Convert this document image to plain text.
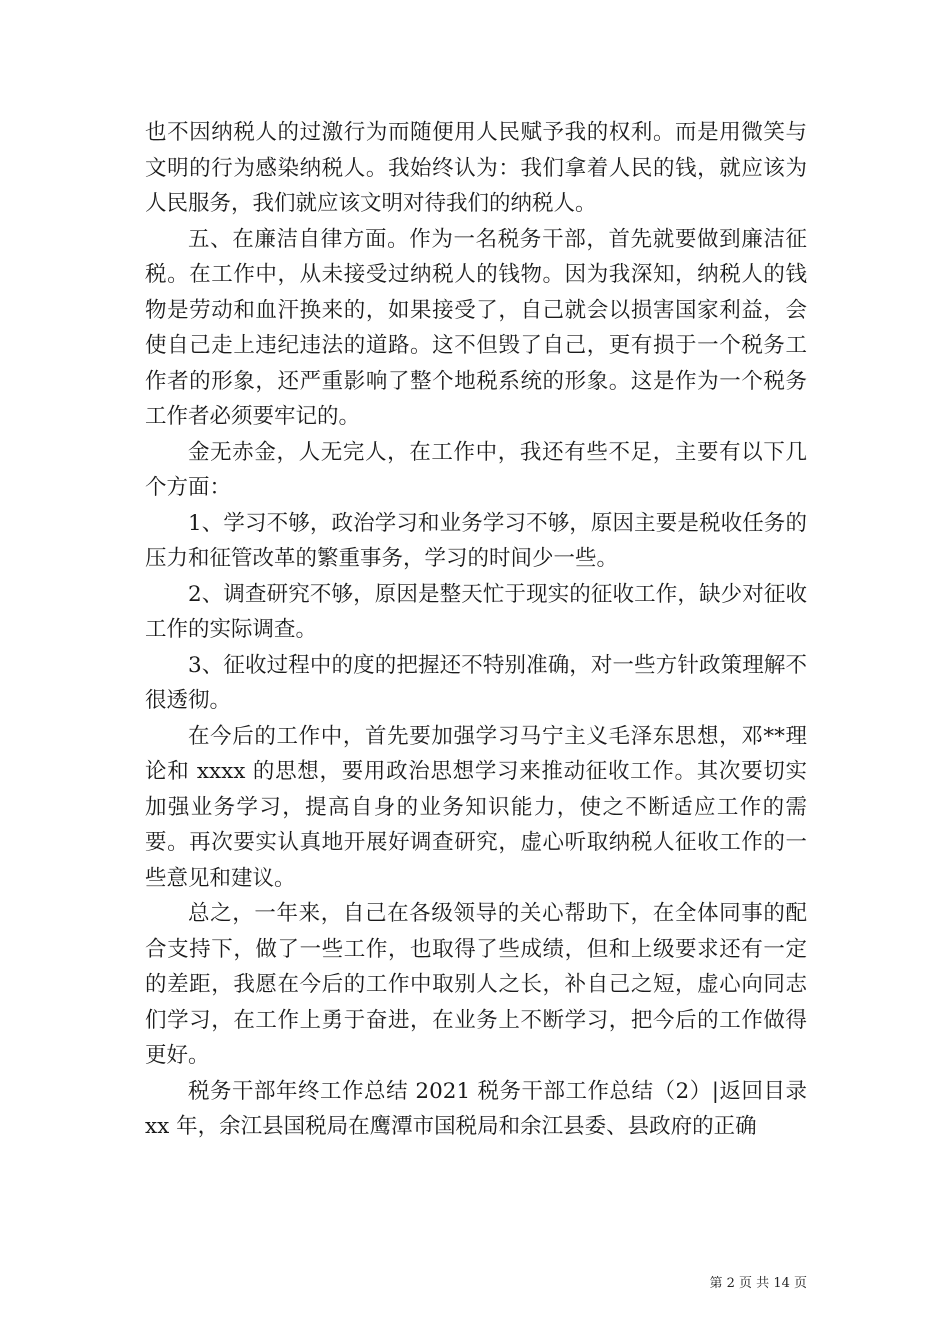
也不因纳税人的过激行为而随便用人民赋予我的权利。而是用微笑与文明的行为感染纳税人。我始终认为：我们拿着人民的钱，就应该为人民服务，我们就应该文明对待我们的纳税人。

五、在廉洁自律方面。作为一名税务干部，首先就要做到廉洁征税。在工作中，从未接受过纳税人的钱物。因为我深知，纳税人的钱物是劳动和血汗换来的，如果接受了，自己就会以损害国家利益，会使自己走上违纪违法的道路。这不但毁了自己，更有损于一个税务工作者的形象，还严重影响了整个地税系统的形象。这是作为一个税务工作者必须要牢记的。

金无赤金，人无完人，在工作中，我还有些不足，主要有以下几个方面：

1、学习不够，政治学习和业务学习不够，原因主要是税收任务的压力和征管改革的繁重事务，学习的时间少一些。

2、调查研究不够，原因是整天忙于现实的征收工作，缺少对征收工作的实际调查。

3、征收过程中的度的把握还不特别准确，对一些方针政策理解不很透彻。

在今后的工作中，首先要加强学习马宁主义毛泽东思想，邓**理论和 xxxx 的思想，要用政治思想学习来推动征收工作。其次要切实加强业务学习，提高自身的业务知识能力，使之不断适应工作的需要。再次要实认真地开展好调查研究，虚心听取纳税人征收工作的一些意见和建议。

总之，一年来，自己在各级领导的关心帮助下，在全体同事的配合支持下，做了一些工作，也取得了些成绩，但和上级要求还有一定的差距，我愿在今后的工作中取别人之长，补自己之短，虚心向同志们学习，在工作上勇于奋进，在业务上不断学习，把今后的工作做得更好。

税务干部年终工作总结 2021 税务干部工作总结（2）|返回目录 xx 年，余江县国税局在鹰潭市国税局和余江县委、县政府的正确

第 2 页 共 14 页
